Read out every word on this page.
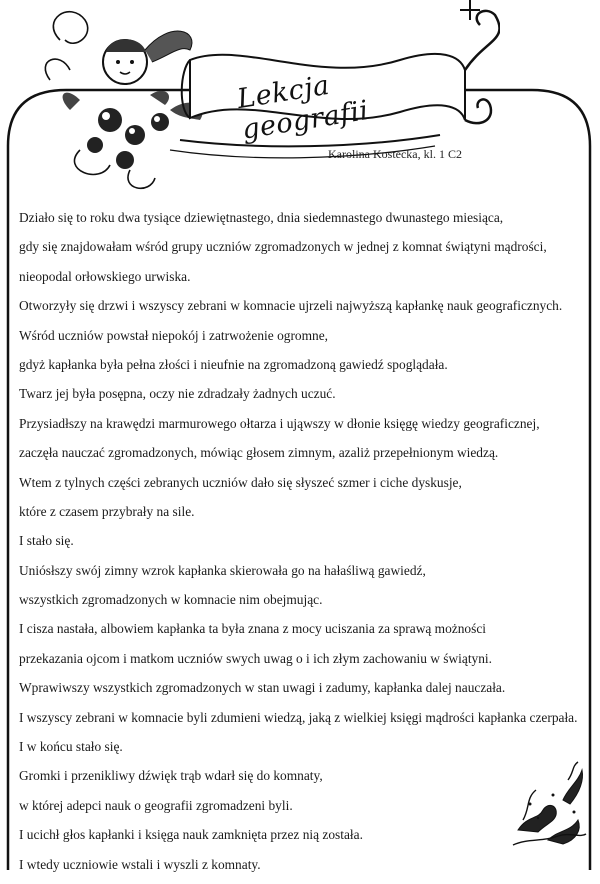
Lekcja geografii
Karolina Kostecka, kl. 1 C2
Działo się to roku dwa tysiące dziewiętnastego, dnia siedemnastego dwunastego miesiąca,
gdy się znajdowałam wśród grupy uczniów zgromadzonych w jednej z komnat świątyni mądrości,
nieopodal orłowskiego urwiska.
Otworzyły się drzwi i wszyscy zebrani w komnacie ujrzeli najwyższą kapłankę nauk geograficznych.
Wśród uczniów powstał niepokój i zatrwożenie ogromne,
gdyż kapłanka była pełna złości i nieufnie na zgromadzoną gawiedź spoglądała.
Twarz jej była posępna, oczy nie zdradzały żadnych uczuć.
Przysiadłszy na krawędzi marmurowego ołtarza i ująwszy w dłonie księgę wiedzy geograficznej,
zaczęła nauczać zgromadzonych, mówiąc głosem zimnym, azaliż przepełnionym wiedzą.
Wtem z tylnych części zebranych uczniów dało się słyszeć szmer i ciche dyskusje,
które z czasem przybrały na sile.
I stało się.
Uniósłszy swój zimny wzrok kapłanka skierowała go na hałaśliwą gawiedź,
wszystkich zgromadzonych w komnacie nim obejmując.
I cisza nastała, albowiem kapłanka ta była znana z mocy uciszania za sprawą możności
przekazania ojcom i matkom uczniów swych uwag o i ich złym zachowaniu w świątyni.
Wprawiwszy wszystkich zgromadzonych w stan uwagi i zadumy, kapłanka dalej nauczała.
I wszyscy zebrani w komnacie byli zdumieni wiedzą, jaką z wielkiej księgi mądrości kapłanka czerpała.
I w końcu stało się.
Gromki i przenikliwy dźwięk trąb wdarł się do komnaty,
w której adepci nauk o geografii zgromadzeni byli.
I ucichł głos kapłanki i księga nauk zamknięta przez nią została.
I wtedy uczniowie wstali i wyszli z komnaty.
